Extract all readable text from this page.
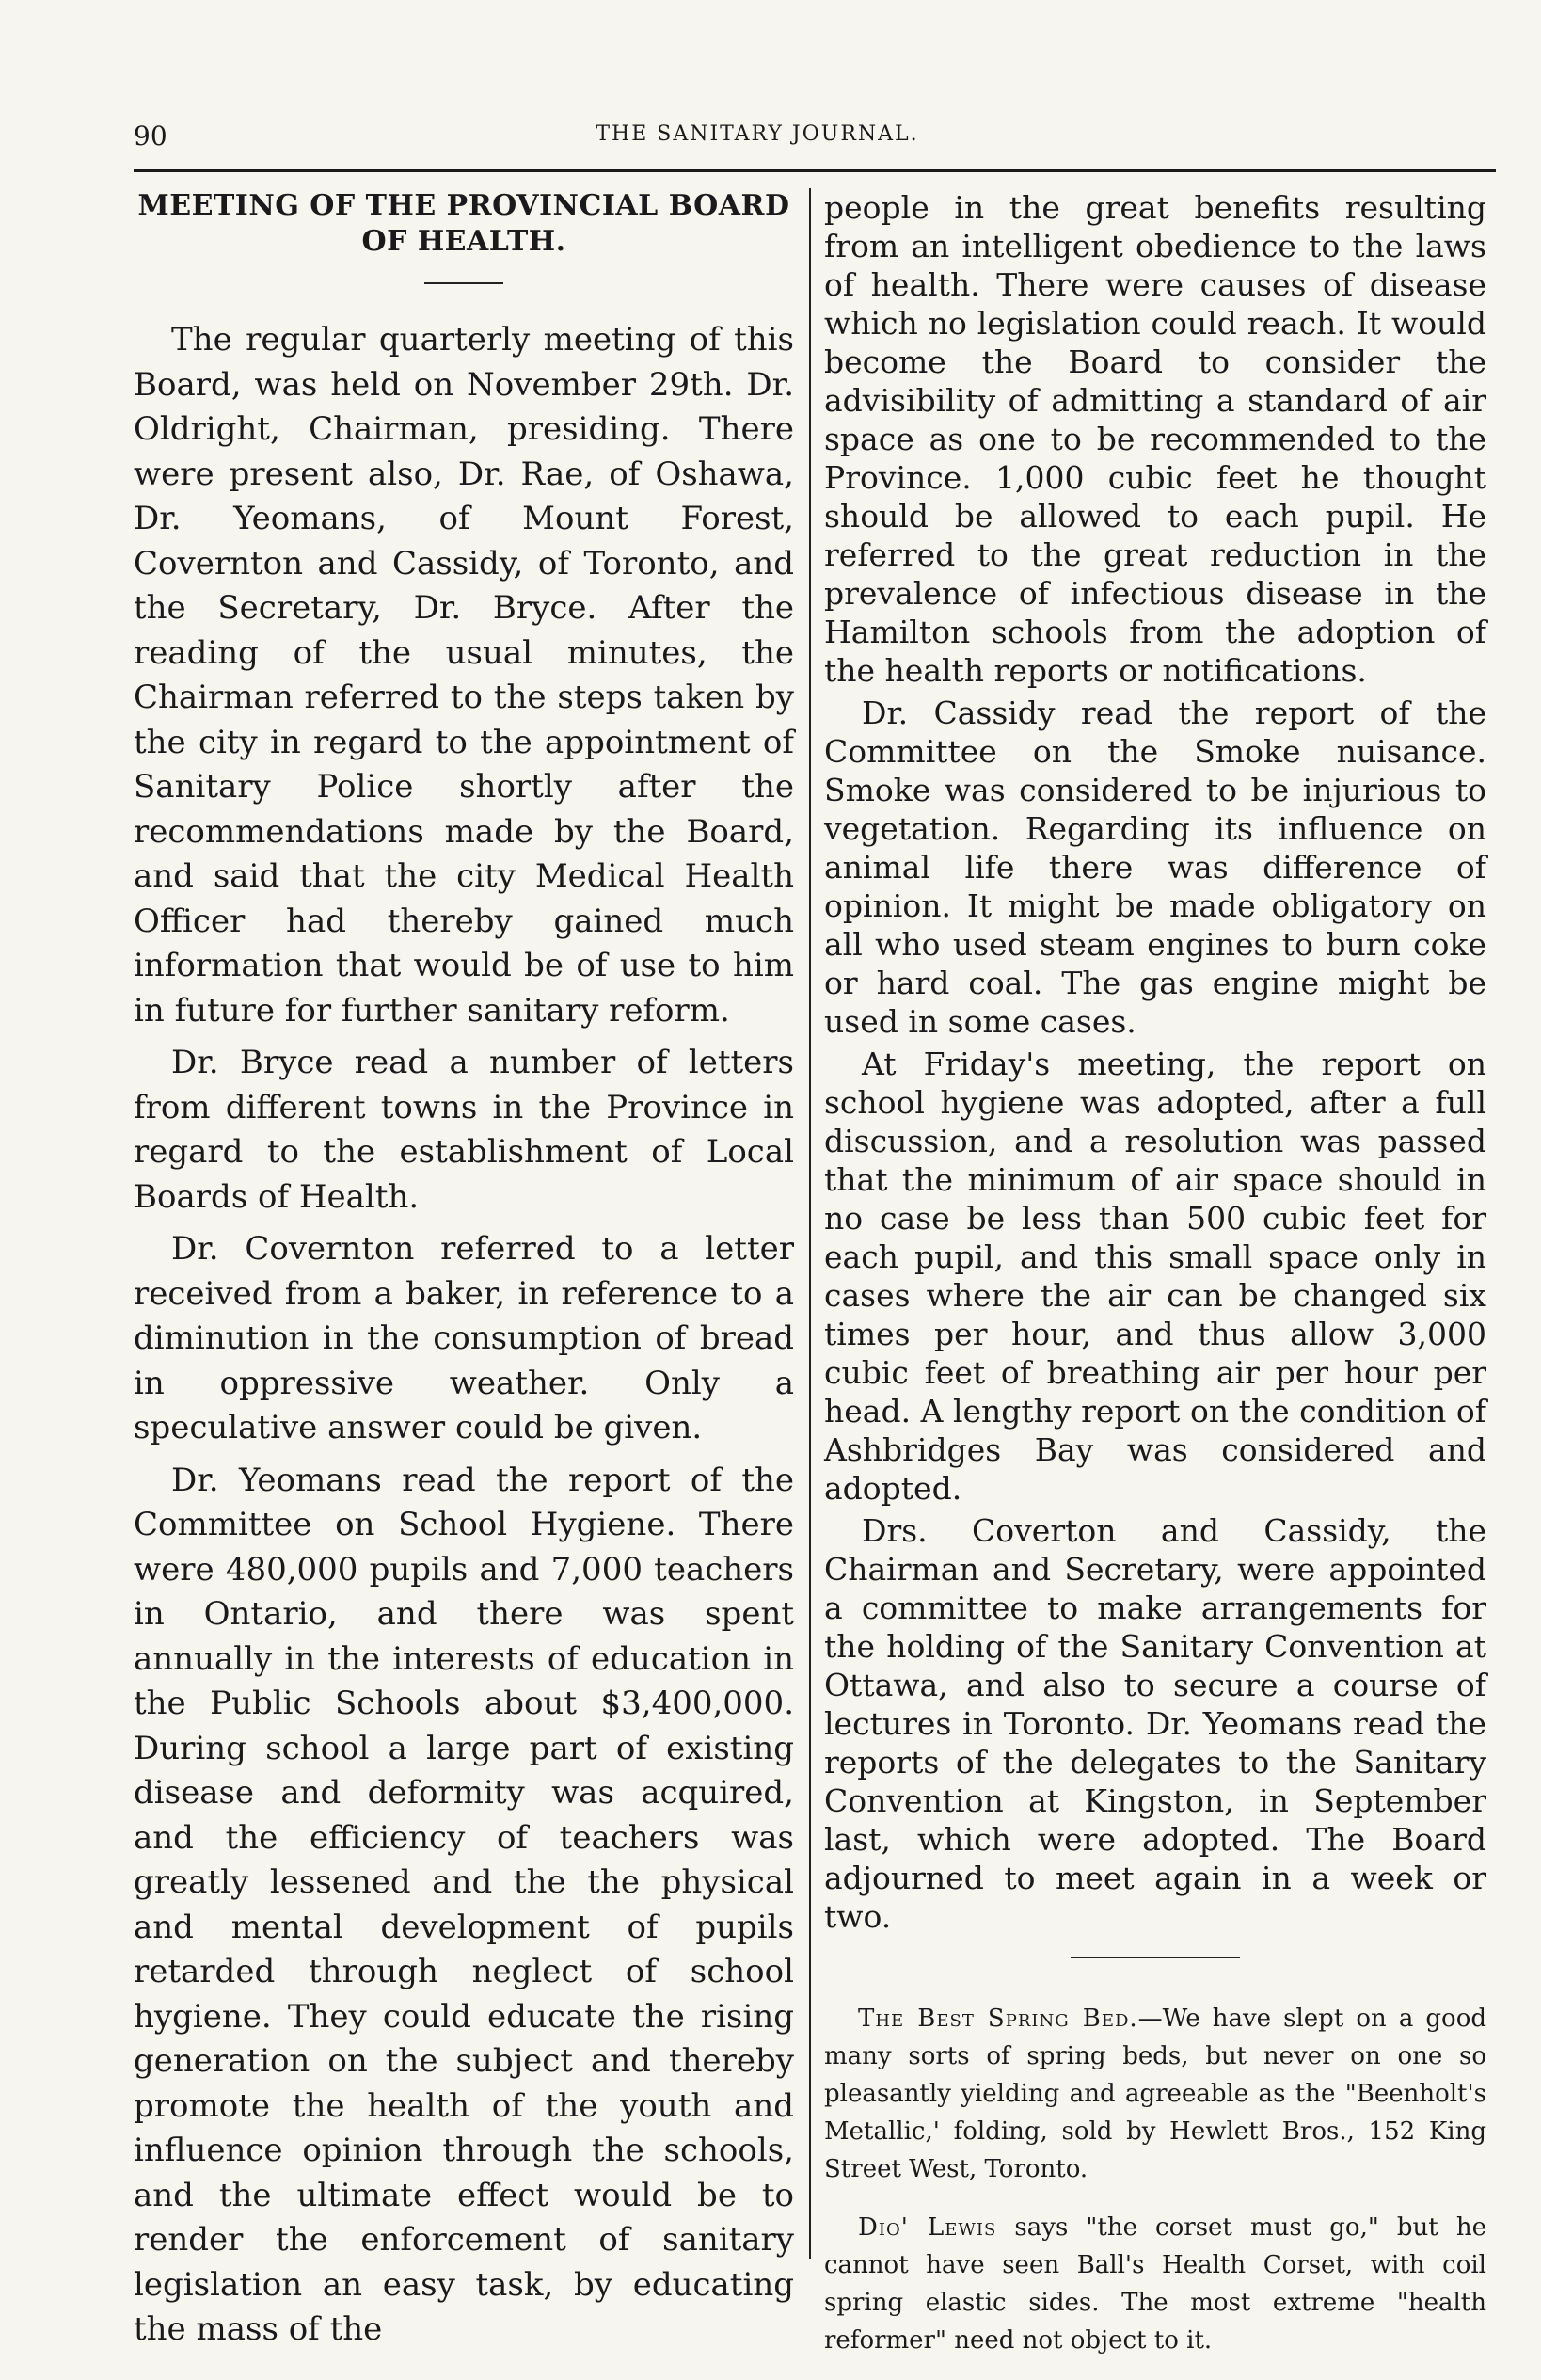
90	THE SANITARY JOURNAL.
MEETING OF THE PROVINCIAL BOARD OF HEALTH.

The regular quarterly meeting of this Board, was held on November 29th. Dr. Oldright, Chairman, presiding. There were present also, Dr. Rae, of Oshawa, Dr. Yeomans, of Mount Forest, Covernton and Cassidy, of Toronto, and the Secretary, Dr. Bryce. After the reading of the usual minutes, the Chairman referred to the steps taken by the city in regard to the appointment of Sanitary Police shortly after the recommendations made by the Board, and said that the city Medical Health Officer had thereby gained much information that would be of use to him in future for further sanitary reform.

Dr. Bryce read a number of letters from different towns in the Province in regard to the establishment of Local Boards of Health.

Dr. Covernton referred to a letter received from a baker, in reference to a diminution in the consumption of bread in oppressive weather. Only a speculative answer could be given.

Dr. Yeomans read the report of the Committee on School Hygiene. There were 480,000 pupils and 7,000 teachers in Ontario, and there was spent annually in the interests of education in the Public Schools about $3,400,000. During school a large part of existing disease and deformity was acquired, and the efficiency of teachers was greatly lessened and the the physical and mental development of pupils retarded through neglect of school hygiene. They could educate the rising generation on the subject and thereby promote the health of the youth and influence opinion through the schools, and the ultimate effect would be to render the enforcement of sanitary legislation an easy task, by educating the mass of the

people in the great benefits resulting from an intelligent obedience to the laws of health. There were causes of disease which no legislation could reach. It would become the Board to consider the advisibility of admitting a standard of air space as one to be recommended to the Province. 1,000 cubic feet he thought should be allowed to each pupil. He referred to the great reduction in the prevalence of infectious disease in the Hamilton schools from the adoption of the health reports or notifications.

Dr. Cassidy read the report of the Committee on the Smoke nuisance. Smoke was considered to be injurious to vegetation. Regarding its influence on animal life there was difference of opinion. It might be made obligatory on all who used steam engines to burn coke or hard coal. The gas engine might be used in some cases.

At Friday's meeting, the report on school hygiene was adopted, after a full discussion, and a resolution was passed that the minimum of air space should in no case be less than 500 cubic feet for each pupil, and this small space only in cases where the air can be changed six times per hour, and thus allow 3,000 cubic feet of breathing air per hour per head. A lengthy report on the condition of Ashbridges Bay was considered and adopted.

Drs. Coverton and Cassidy, the Chairman and Secretary, were appointed a committee to make arrangements for the holding of the Sanitary Convention at Ottawa, and also to secure a course of lectures in Toronto. Dr. Yeomans read the reports of the delegates to the Sanitary Convention at Kingston, in September last, which were adopted. The Board adjourned to meet again in a week or two.

The Best Spring Bed.—We have slept on a good many sorts of spring beds, but never on one so pleasantly yielding and agreeable as the "Beenholt's Metallic,' folding, sold by Hewlett Bros., 152 King Street West, Toronto.
Dio' Lewis says "the corset must go," but he cannot have seen Ball's Health Corset, with coil spring elastic sides. The most extreme "health reformer" need not object to it.
